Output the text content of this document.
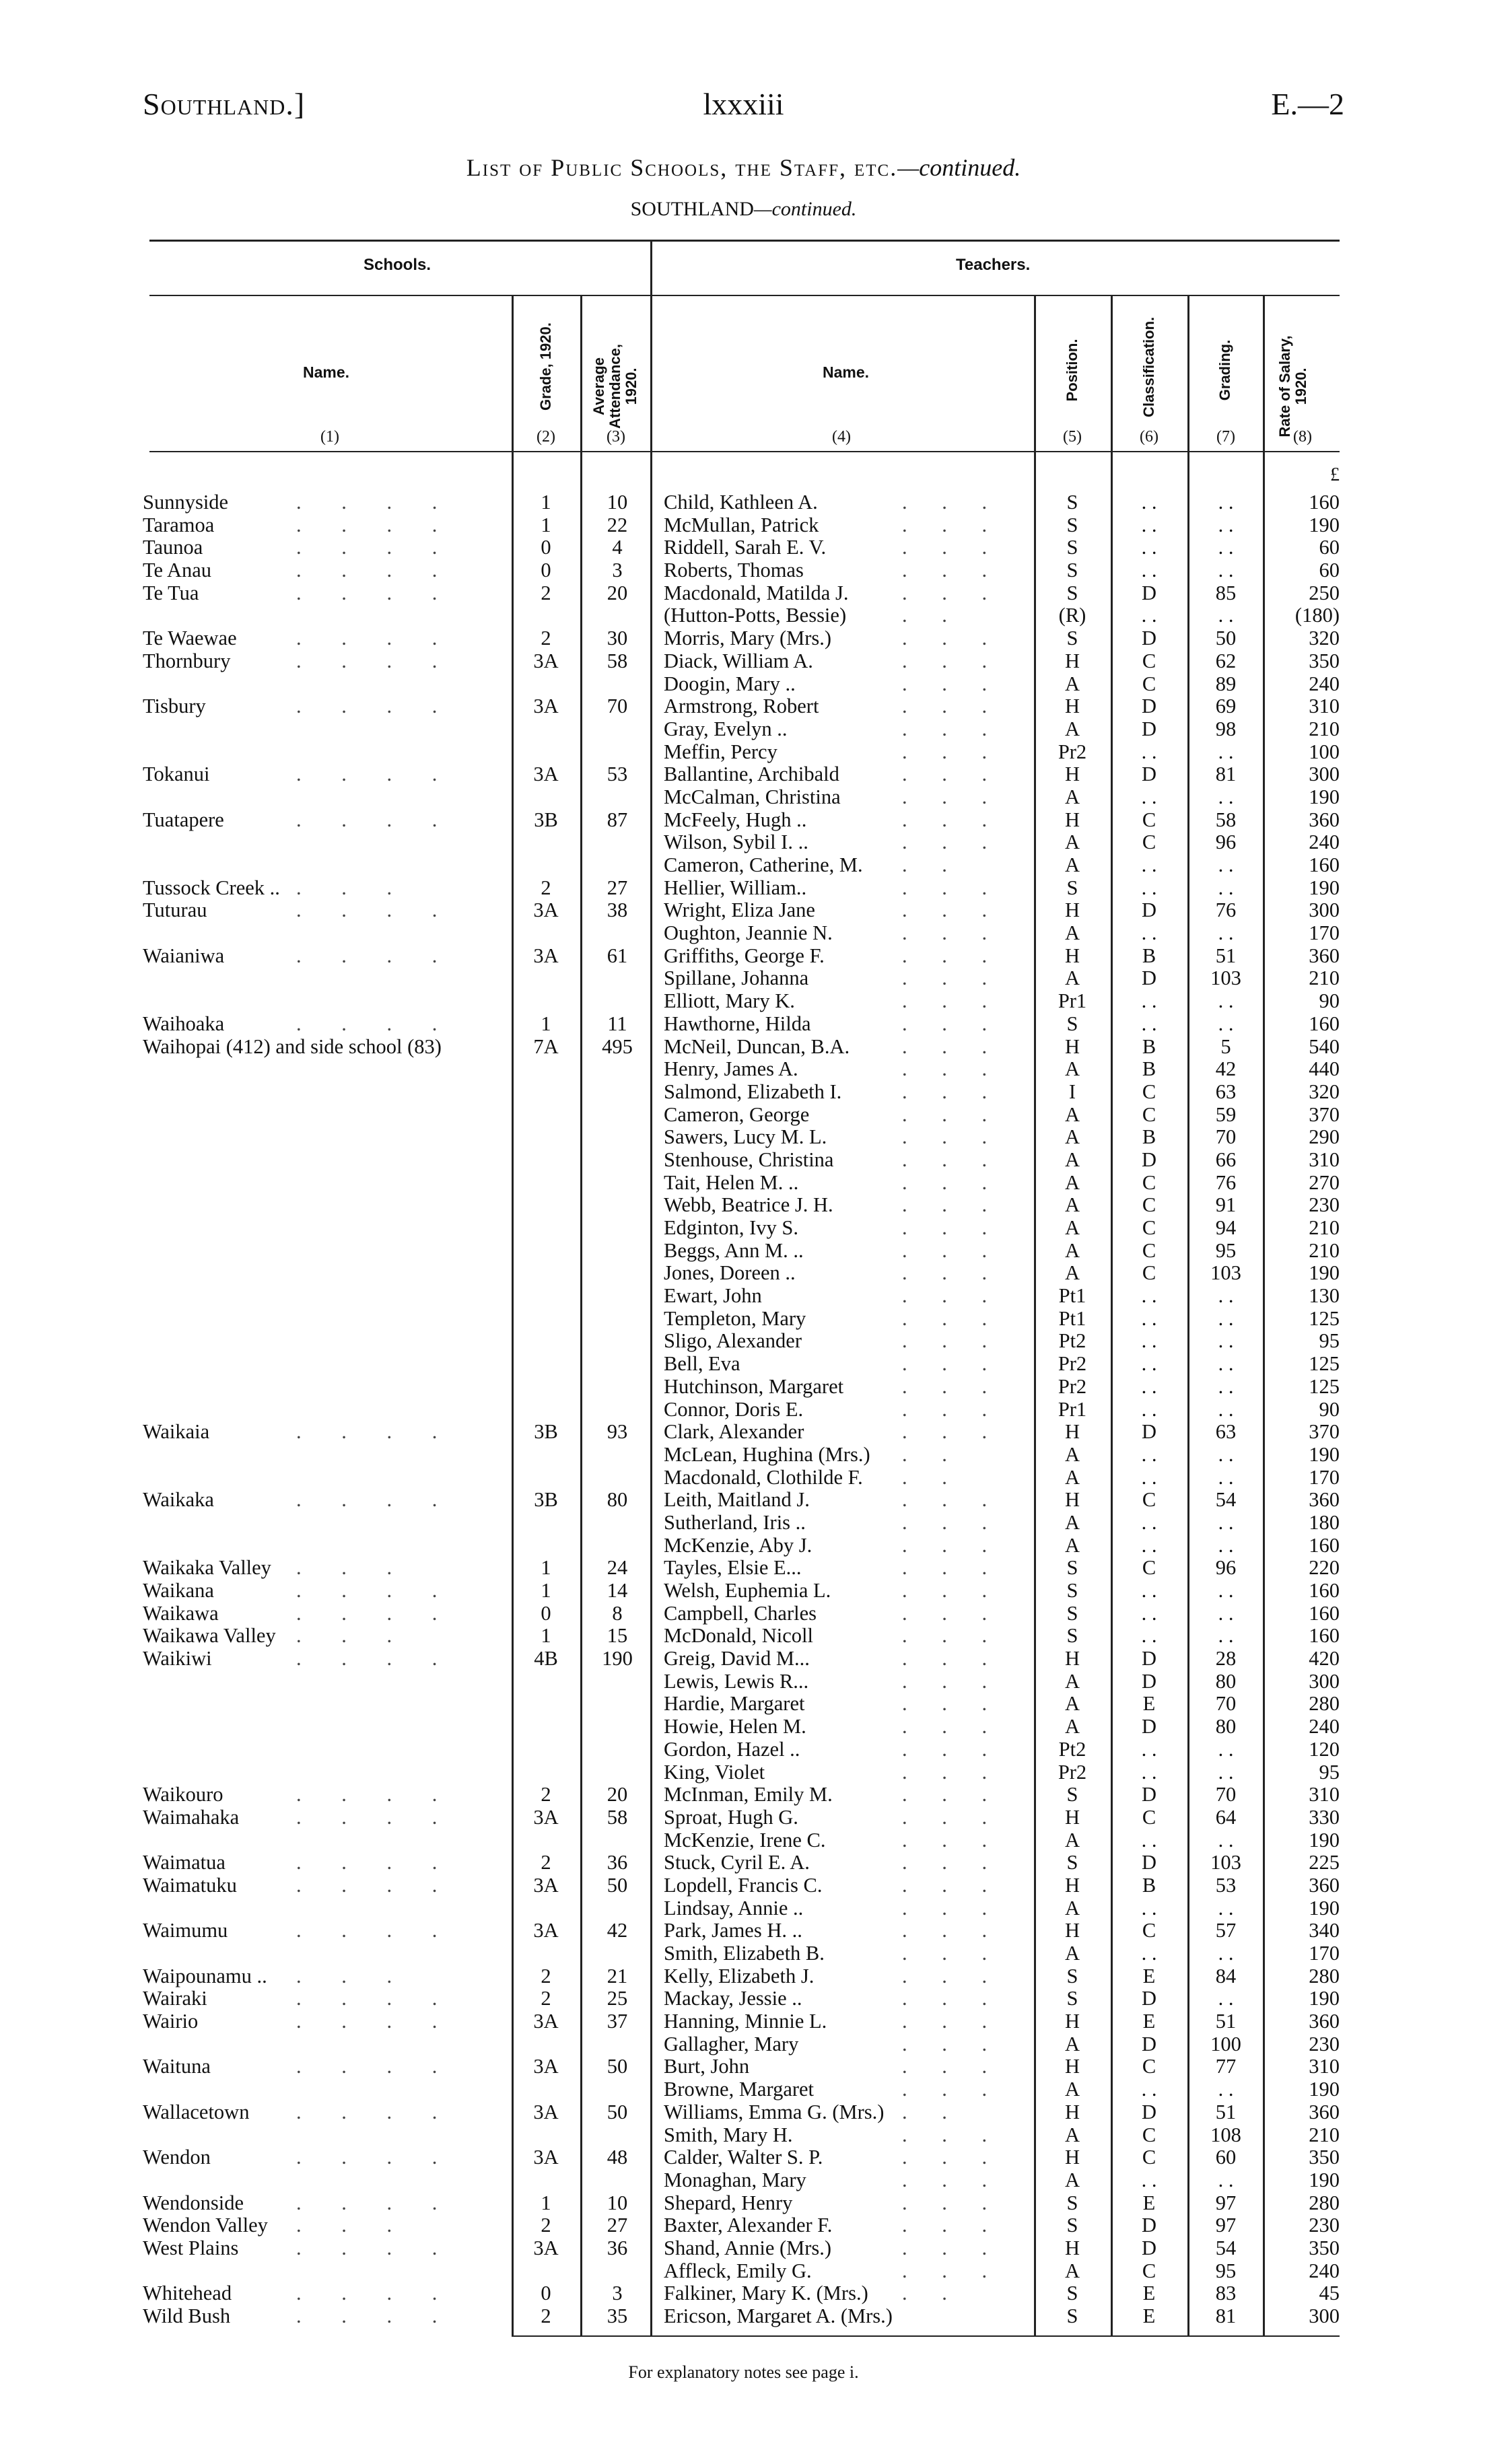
Southland.]	lxxxiii	E.—2
List of Public Schools, the Staff, etc.—continued.
SOUTHLAND—continued.
Schools.	Teachers.
Name.	Grade, 1920. Average Attendance, 1920.	Name.	Position.	Classification.	Grading.	Rate of Salary, 1920.
(1)	(2)	(3)	(4)	(5)	(6)	(7)	(8)
£
Sunnyside	. . . .	1	10	Child, Kathleen A.	. . .	S	. .	. .	160
Taramoa	. . . .	1	22	McMullan, Patrick	. . .	S	. .	. .	190
Taunoa	. . . .	0	4	Riddell, Sarah E. V.	. . .	S	. .	. .	60
Te Anau	. . . .	0	3	Roberts, Thomas	. . .	S	. .	. .	60
Te Tua	. . . .	2	20	Macdonald, Matilda J.	. . .	S	D	85	250
(Hutton-Potts, Bessie)	. .	(R)	. .	. .	(180)
Te Waewae	. . . .	2	30	Morris, Mary (Mrs.)	. . .	S	D	50	320
Thornbury	. . . .	3A	58	Diack, William A.	. . .	H	C	62	350
Doogin, Mary ..	. . .	A	C	89	240
Tisbury	. . . .	3A	70	Armstrong, Robert	. . .	H	D	69	310
Gray, Evelyn ..	. . .	A	D	98	210
Meffin, Percy	. . .	Pr2	. .	. .	100
Tokanui	. . . .	3A	53	Ballantine, Archibald	. . .	H	D	81	300
McCalman, Christina	. . .	A	. .	. .	190
Tuatapere	. . . .	3B	87	McFeely, Hugh ..	. . .	H	C	58	360
Wilson, Sybil I. ..	. . .	A	C	96	240
Cameron, Catherine, M. . .	A	. .	. .	160
Tussock Creek .. . . .	2	27	Hellier, William..	. . .	S	. .	. .	190
Tuturau	. . . .	3A	38	Wright, Eliza Jane	. . .	H	D	76	300
Oughton, Jeannie N.	. . .	A	. .	. .	170
Waianiwa	. . . .	3A	61	Griffiths, George F.	. . .	H	B	51	360
Spillane, Johanna	. . .	A	D	103	210
Elliott, Mary K.	. . .	Pr1	. .	. .	90
Waihoaka	. . . .	1	11	Hawthorne, Hilda	. . .	S	. .	. .	160
Waihopai (412) and side school (83)	7A	495	McNeil, Duncan, B.A.	. . .	H	B	5	540
Henry, James A.	. . .	A	B	42	440
Salmond, Elizabeth I.	. . .	I	C	63	320
Cameron, George	. . .	A	C	59	370
Sawers, Lucy M. L.	. . .	A	B	70	290
Stenhouse, Christina	. . .	A	D	66	310
Tait, Helen M. ..	. . .	A	C	76	270
Webb, Beatrice J. H.	. . .	A	C	91	230
Edginton, Ivy S.	. . .	A	C	94	210
Beggs, Ann M. ..	. . .	A	C	95	210
Jones, Doreen ..	. . .	A	C	103	190
Ewart, John	. . .	Pt1	. .	. .	130
Templeton, Mary	. . .	Pt1	. .	. .	125
Sligo, Alexander	. . .	Pt2	. .	. .	95
Bell, Eva	. . .	Pr2	. .	. .	125
Hutchinson, Margaret	. . .	Pr2	. .	. .	125
Connor, Doris E.	. . .	Pr1	. .	. .	90
Waikaia	. . . .	3B	93	Clark, Alexander	. . .	H	D	63	370
McLean, Hughina (Mrs.) . .	A	. .	. .	190
Macdonald, Clothilde F. . .	A	. .	. .	170
Waikaka	. . . .	3B	80	Leith, Maitland J.	. . .	H	C	54	360
Sutherland, Iris ..	. . .	A	. .	. .	180
McKenzie, Aby J.	. . .	A	. .	. .	160
Waikaka Valley . . .	1	24	Tayles, Elsie E...	. . .	S	C	96	220
Waikana	. . . .	1	14	Welsh, Euphemia L.	. . .	S	. .	. .	160
Waikawa	. . . .	0	8	Campbell, Charles	. . .	S	. .	. .	160
Waikawa Valley . . .	1	15	McDonald, Nicoll	. . .	S	. .	. .	160
Waikiwi	. . . .	4B	190	Greig, David M...	. . .	H	D	28	420
Lewis, Lewis R...	. . .	A	D	80	300
Hardie, Margaret	. . .	A	E	70	280
Howie, Helen M.	. . .	A	D	80	240
Gordon, Hazel ..	. . .	Pt2	. .	. .	120
King, Violet	. . .	Pr2	. .	. .	95
Waikouro	. . . .	2	20	McInman, Emily M.	. . .	S	D	70	310
Waimahaka	. . . .	3A	58	Sproat, Hugh G.	. . .	H	C	64	330
McKenzie, Irene C.	. . .	A	. .	. .	190
Waimatua	. . . .	2	36	Stuck, Cyril E. A.	. . .	S	D	103	225
Waimatuku	. . . .	3A	50	Lopdell, Francis C.	. . .	H	B	53	360
Lindsay, Annie ..	. . .	A	. .	. .	190
Waimumu	. . . .	3A	42	Park, James H. ..	. . .	H	C	57	340
Smith, Elizabeth B.	. . .	A	. .	. .	170
Waipounamu .. . . .	2	21	Kelly, Elizabeth J.	. . .	S	E	84	280
Wairaki	. . . .	2	25	Mackay, Jessie ..	. . .	S	D	. .	190
Wairio	. . . .	3A	37	Hanning, Minnie L.	. . .	H	E	51	360
Gallagher, Mary	. . .	A	D	100	230
Waituna	. . . .	3A	50	Burt, John	. . .	H	C	77	310
Browne, Margaret	. . .	A	. .	. .	190
Wallacetown . . . .	3A	50	Williams, Emma G. (Mrs.) . .	H	D	51	360
Smith, Mary H.	. . .	A	C	108	210
Wendon	. . . .	3A	48	Calder, Walter S. P.	. . .	H	C	60	350
Monaghan, Mary	. . .	A	. .	. .	190
Wendonside	. . . .	1	10	Shepard, Henry	. . .	S	E	97	280
Wendon Valley . . .	2	27	Baxter, Alexander F.	. . .	S	D	97	230
West Plains	. . . .	3A	36	Shand, Annie (Mrs.)	. . .	H	D	54	350
Affleck, Emily G.	. . .	A	C	95	240
Whitehead	. . . .	0	3	Falkiner, Mary K. (Mrs.) . .	S	E	83	45
Wild Bush	. . . .	2	35	Ericson, Margaret A. (Mrs.)	S	E	81	300
For explanatory notes see page i.
